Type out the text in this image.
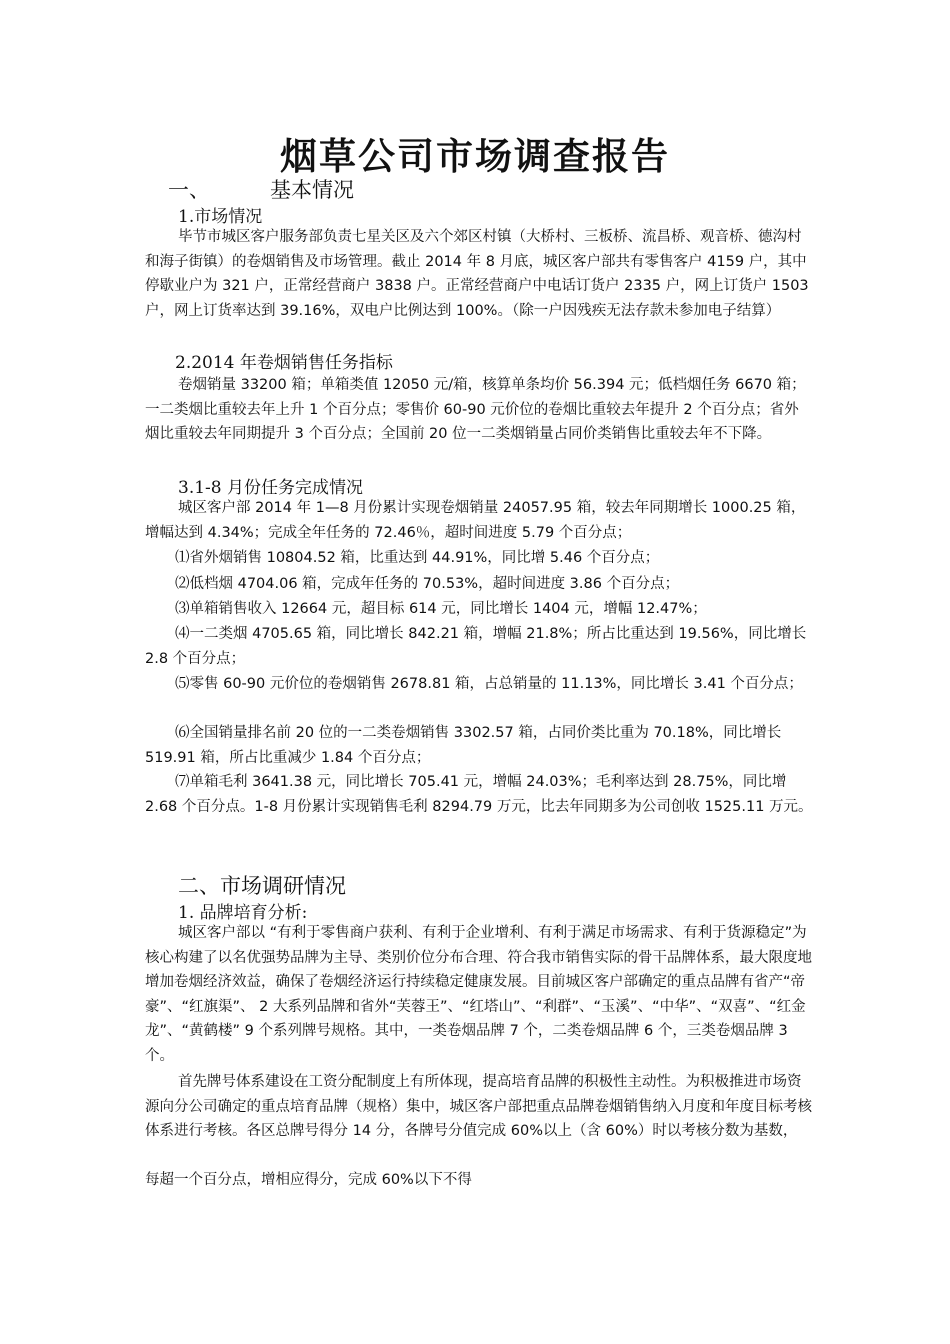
烟草公司市场调查报告
一、	基本情况
1.市场情况

毕节市城区客户服务部负责七星关区及六个郊区村镇（大桥村、三板桥、流昌桥、观音桥、德沟村和海子街镇）的卷烟销售及市场管理。截止 2014 年 8 月底，城区客户部共有零售客户 4159 户，其中停歇业户为 321 户，正常经营商户 3838 户。正常经营商户中电话订货户 2335 户，网上订货户 1503 户，网上订货率达到 39.16%，双电户比例达到 100%。（除一户因残疾无法存款未参加电子结算）

2.2014 年卷烟销售任务指标

卷烟销量 33200 箱；单箱类值 12050 元/箱，核算单条均价 56.394 元；低档烟任务 6670 箱；一二类烟比重较去年上升 1 个百分点；零售价 60-90 元价位的卷烟比重较去年提升 2 个百分点；省外烟比重较去年同期提升 3 个百分点；全国前 20 位一二类烟销量占同价类销售比重较去年不下降。

3.1-8 月份任务完成情况

城区客户部 2014 年 1—8 月份累计实现卷烟销量 24057.95 箱，较去年同期增长 1000.25 箱，增幅达到 4.34%；完成全年任务的 72.46％，超时间进度 5.79 个百分点；

⑴省外烟销售 10804.52 箱，比重达到 44.91%，同比增 5.46 个百分点；

⑵低档烟 4704.06 箱，完成年任务的 70.53%，超时间进度 3.86 个百分点；

⑶单箱销售收入 12664 元，超目标 614 元，同比增长 1404 元，增幅 12.47%；

⑷一二类烟 4705.65 箱，同比增长 842.21 箱，增幅 21.8%；所占比重达到 19.56%，同比增长 2.8 个百分点；

⑸零售 60-90 元价位的卷烟销售 2678.81 箱，占总销量的 11.13%，同比增长 3.41 个百分点；

⑹全国销量排名前 20 位的一二类卷烟销售 3302.57 箱，占同价类比重为 70.18%，同比增长 519.91 箱，所占比重减少 1.84 个百分点；

⑺单箱毛利 3641.38 元，同比增长 705.41 元，增幅 24.03%；毛利率达到 28.75%，同比增 2.68 个百分点。1-8 月份累计实现销售毛利 8294.79 万元，比去年同期多为公司创收 1525.11 万元。

二、市场调研情况
1. 品牌培育分析:

城区客户部以 “有利于零售商户获利、有利于企业增利、有利于满足市场需求、有利于货源稳定”为核心构建了以名优强势品牌为主导、类别价位分布合理、符合我市销售实际的骨干品牌体系，最大限度地增加卷烟经济效益，确保了卷烟经济运行持续稳定健康发展。目前城区客户部确定的重点品牌有省产“帝豪”、“红旗渠”、 2 大系列品牌和省外“芙蓉王”、“红塔山”、“利群”、“玉溪”、“中华”、“双喜”、“红金龙”、“黄鹤楼” 9 个系列牌号规格。其中，一类卷烟品牌 7 个，二类卷烟品牌 6 个，三类卷烟品牌 3 个。

首先牌号体系建设在工资分配制度上有所体现，提高培育品牌的积极性主动性。为积极推进市场资源向分公司确定的重点培育品牌（规格）集中，城区客户部把重点品牌卷烟销售纳入月度和年度目标考核体系进行考核。各区总牌号得分 14 分，各牌号分值完成 60%以上（含 60%）时以考核分数为基数，

每超一个百分点，增相应得分，完成 60%以下不得
